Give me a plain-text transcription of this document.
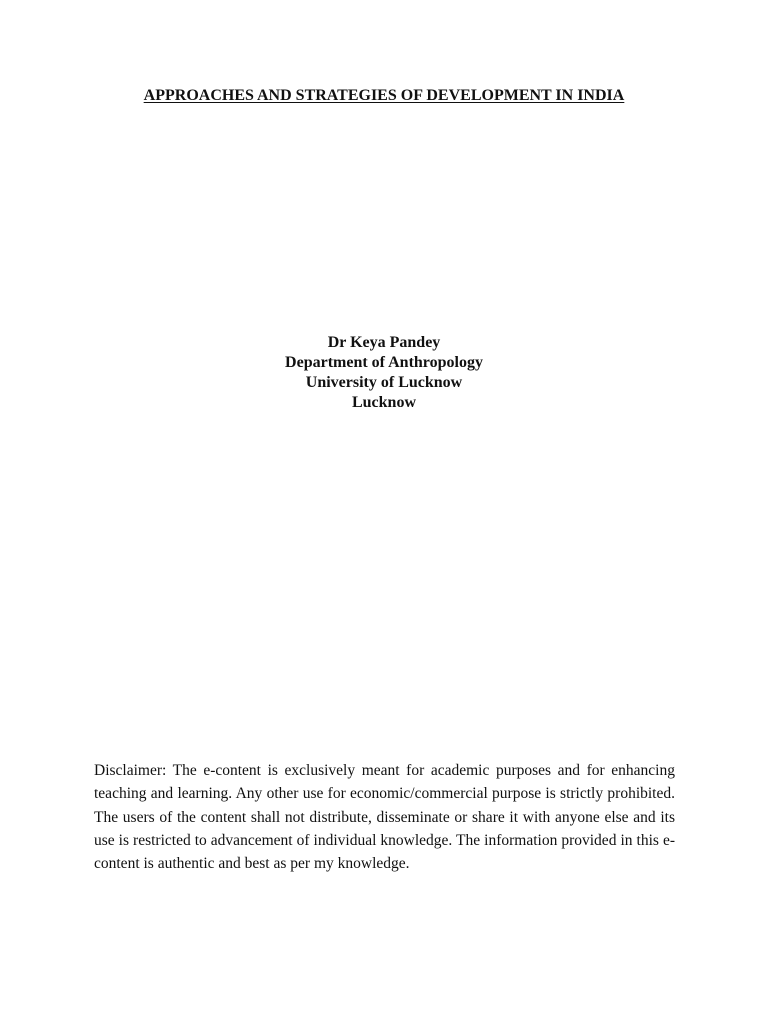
APPROACHES AND STRATEGIES OF DEVELOPMENT IN INDIA
Dr Keya Pandey
Department of Anthropology
University of Lucknow
Lucknow

Disclaimer: The e-content is exclusively meant for academic purposes and for enhancing teaching and learning. Any other use for economic/commercial purpose is strictly prohibited. The users of the content shall not distribute, disseminate or share it with anyone else and its use is restricted to advancement of individual knowledge. The information provided in this e-content is authentic and best as per my knowledge.
